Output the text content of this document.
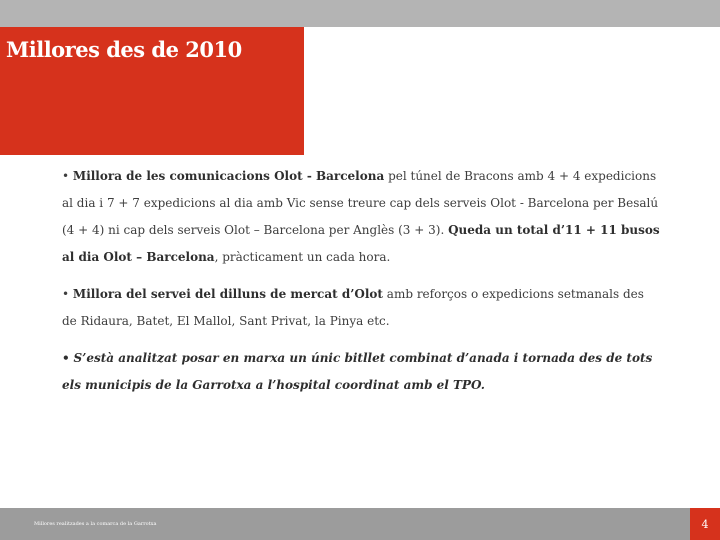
Millores des de 2010

• Millora de les comunicacions Olot - Barcelona pel túnel de Bracons amb 4 + 4 expedicions al dia i 7 + 7 expedicions al dia amb Vic sense treure cap dels serveis Olot - Barcelona per Besalú (4 + 4) ni cap dels serveis Olot – Barcelona per Anglès (3 + 3). Queda un total d’11 + 11 busos al dia Olot – Barcelona, pràcticament un cada hora.

• Millora del servei del dilluns de mercat d’Olot amb reforços o expedicions setmanals des de Ridaura, Batet, El Mallol, Sant Privat, la Pinya etc.

• S’està analitzat posar en marxa un únic bitllet combinat d’anada i tornada des de tots els municipis de la Garrotxa a l’hospital coordinat amb el TPO.

Millores realitzades a la comarca de la Garrotxa	4
